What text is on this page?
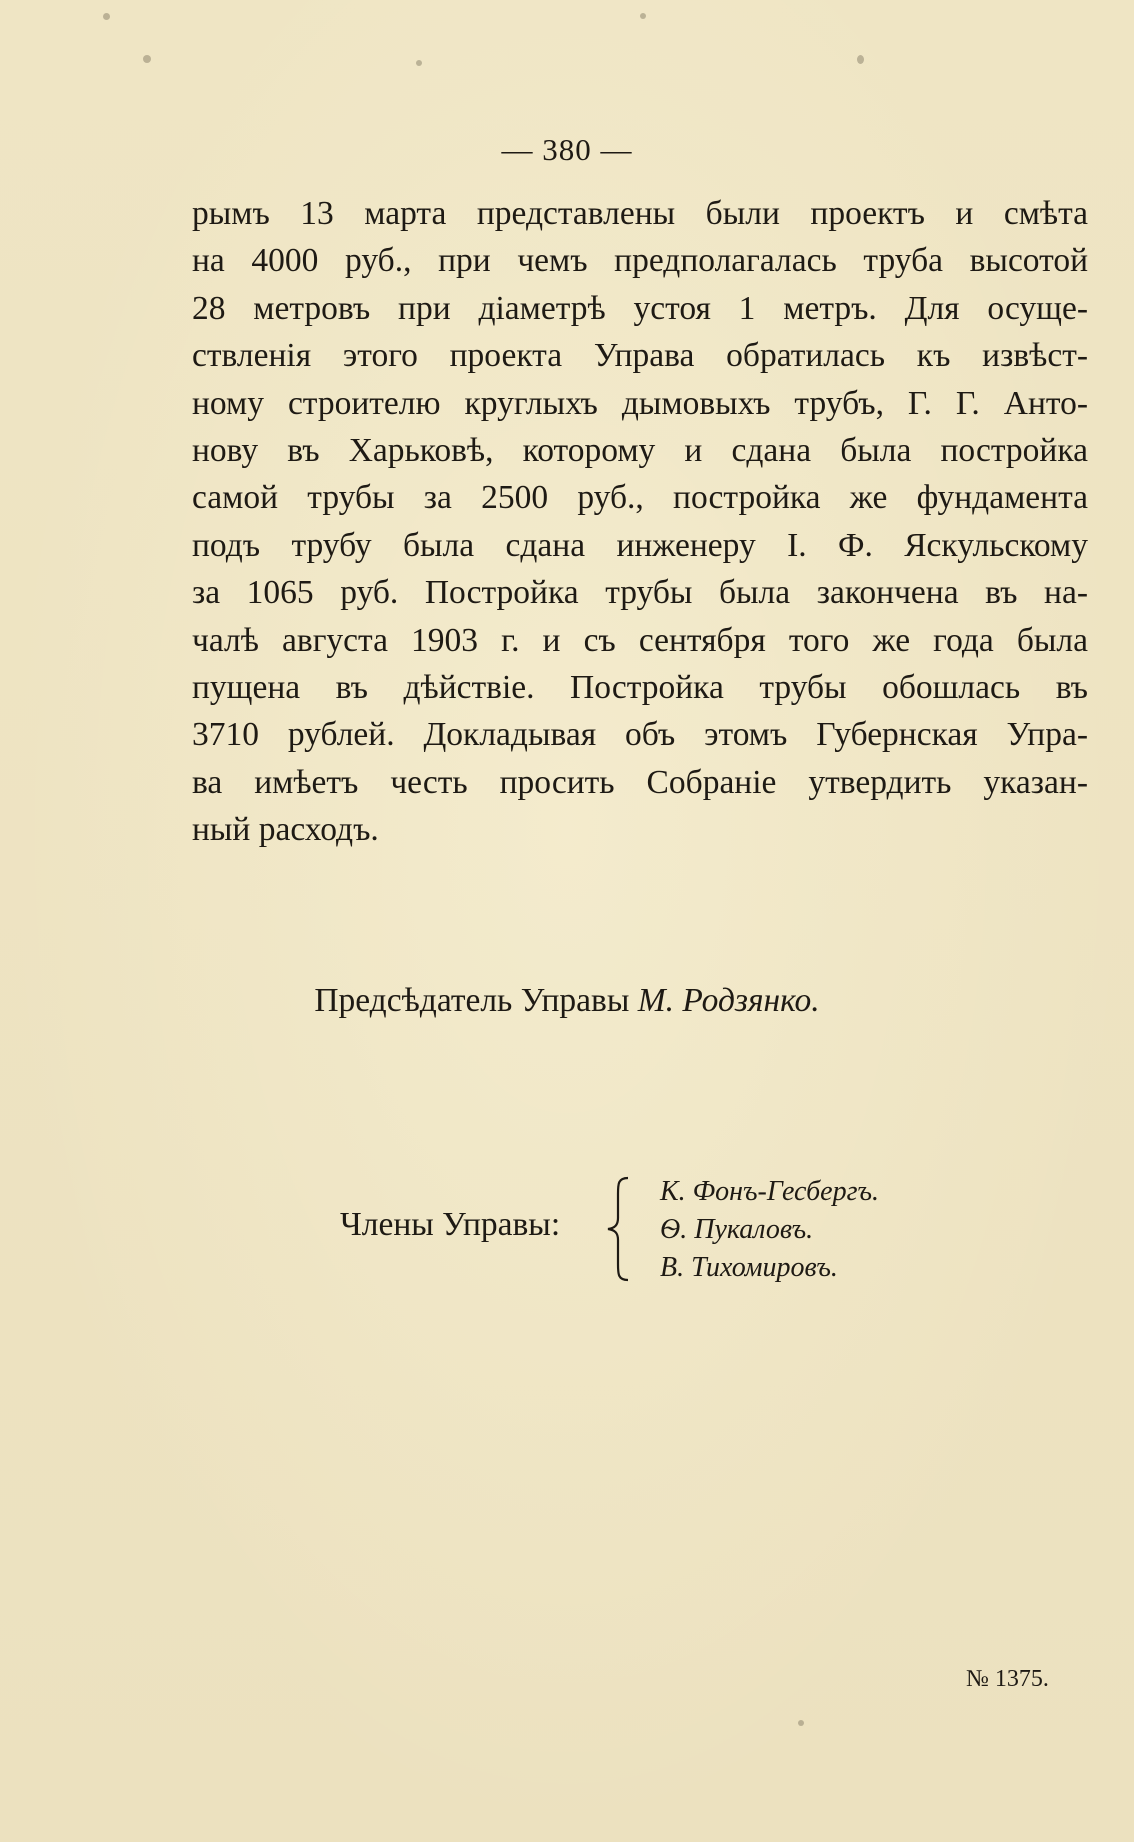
— 380 —
рымъ 13 марта представлены были проектъ и смѣта
на 4000 руб., при чемъ предполагалась труба высотой
28 метровъ при діаметрѣ устоя 1 метръ. Для осуще-
ствленія этого проекта Управа обратилась къ извѣст-
ному строителю круглыхъ дымовыхъ трубъ, Г. Г. Анто-
нову въ Харьковѣ, которому и сдана была постройка
самой трубы за 2500 руб., постройка же фундамента
подъ трубу была сдана инженеру І. Ф. Яскульскому
за 1065 руб. Постройка трубы была закончена въ на-
чалѣ августа 1903 г. и съ сентября того же года была
пущена въ дѣйствіе. Постройка трубы обошлась въ
3710 рублей. Докладывая объ этомъ Губернская Упра-
ва имѣетъ честь просить Собраніе утвердить указан-
ный расходъ.
Предсѣдатель Управы М. Родзянко.
Члены Управы:
К. Фонъ-Гесбергъ.
Ѳ. Пукаловъ.
В. Тихомировъ.
№ 1375.
